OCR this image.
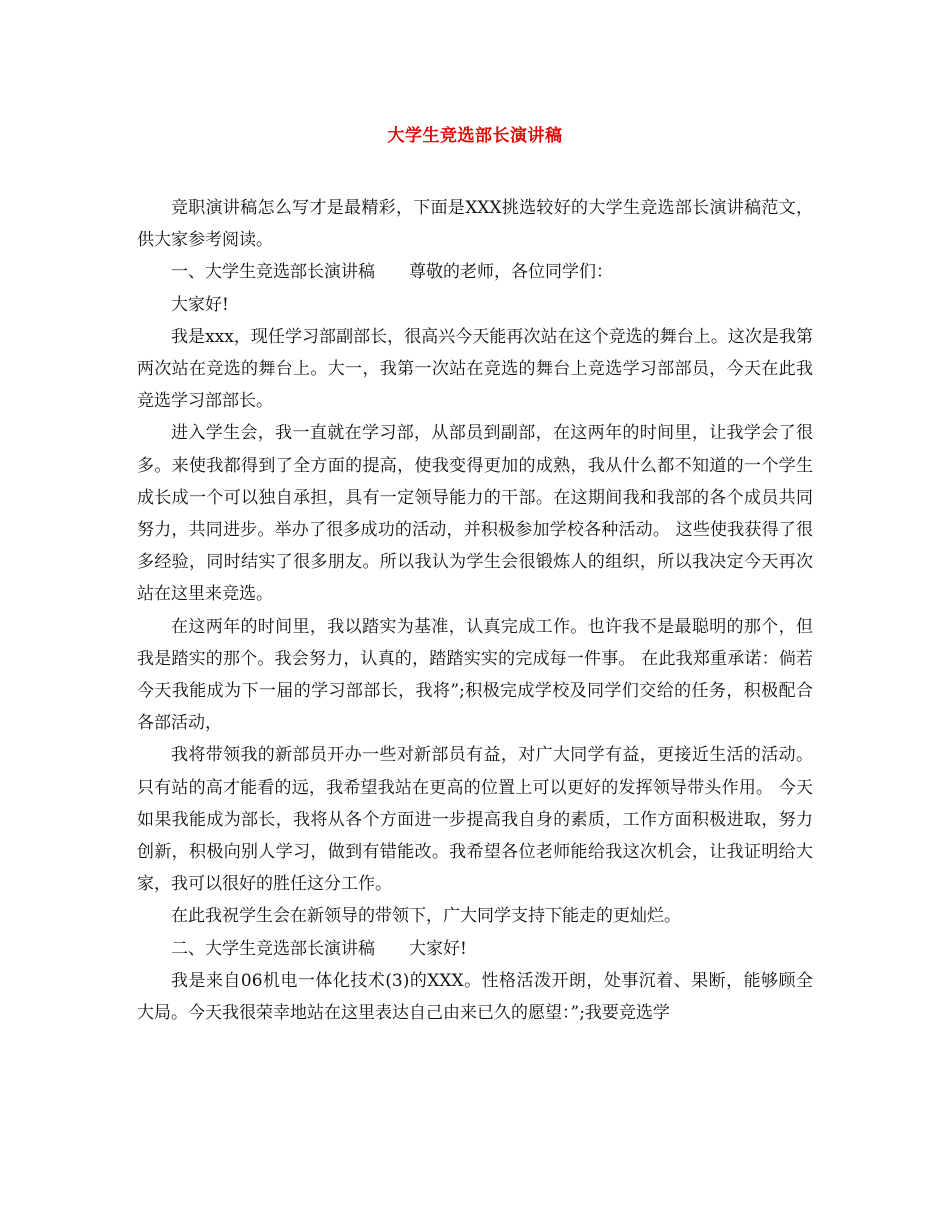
大学生竞选部长演讲稿

竞职演讲稿怎么写才是最精彩，下面是XXX挑选较好的大学生竞选部长演讲稿范文，供大家参考阅读。

一、大学生竞选部长演讲稿　　尊敬的老师，各位同学们：

大家好!

我是xxx，现任学习部副部长，很高兴今天能再次站在这个竞选的舞台上。这次是我第两次站在竞选的舞台上。大一，我第一次站在竞选的舞台上竞选学习部部员，今天在此我竞选学习部部长。

进入学生会，我一直就在学习部，从部员到副部，在这两年的时间里，让我学会了很多。来使我都得到了全方面的提高，使我变得更加的成熟，我从什么都不知道的一个学生成长成一个可以独自承担，具有一定领导能力的干部。在这期间我和我部的各个成员共同努力，共同进步。举办了很多成功的活动，并积极参加学校各种活动。 这些使我获得了很多经验，同时结实了很多朋友。所以我认为学生会很锻炼人的组织，所以我决定今天再次站在这里来竞选。

在这两年的时间里，我以踏实为基准，认真完成工作。也许我不是最聪明的那个，但我是踏实的那个。我会努力，认真的，踏踏实实的完成每一件事。 在此我郑重承诺：倘若今天我能成为下一届的学习部部长，我将”;积极完成学校及同学们交给的任务，积极配合各部活动，

我将带领我的新部员开办一些对新部员有益，对广大同学有益，更接近生活的活动。只有站的高才能看的远，我希望我站在更高的位置上可以更好的发挥领导带头作用。 今天如果我能成为部长，我将从各个方面进一步提高我自身的素质，工作方面积极进取，努力创新，积极向别人学习，做到有错能改。我希望各位老师能给我这次机会，让我证明给大家，我可以很好的胜任这分工作。

在此我祝学生会在新领导的带领下，广大同学支持下能走的更灿烂。

二、大学生竞选部长演讲稿　　大家好!

我是来自06机电一体化技术(3)的XXX。性格活泼开朗，处事沉着、果断，能够顾全大局。今天我很荣幸地站在这里表达自己由来已久的愿望：”;我要竞选学
